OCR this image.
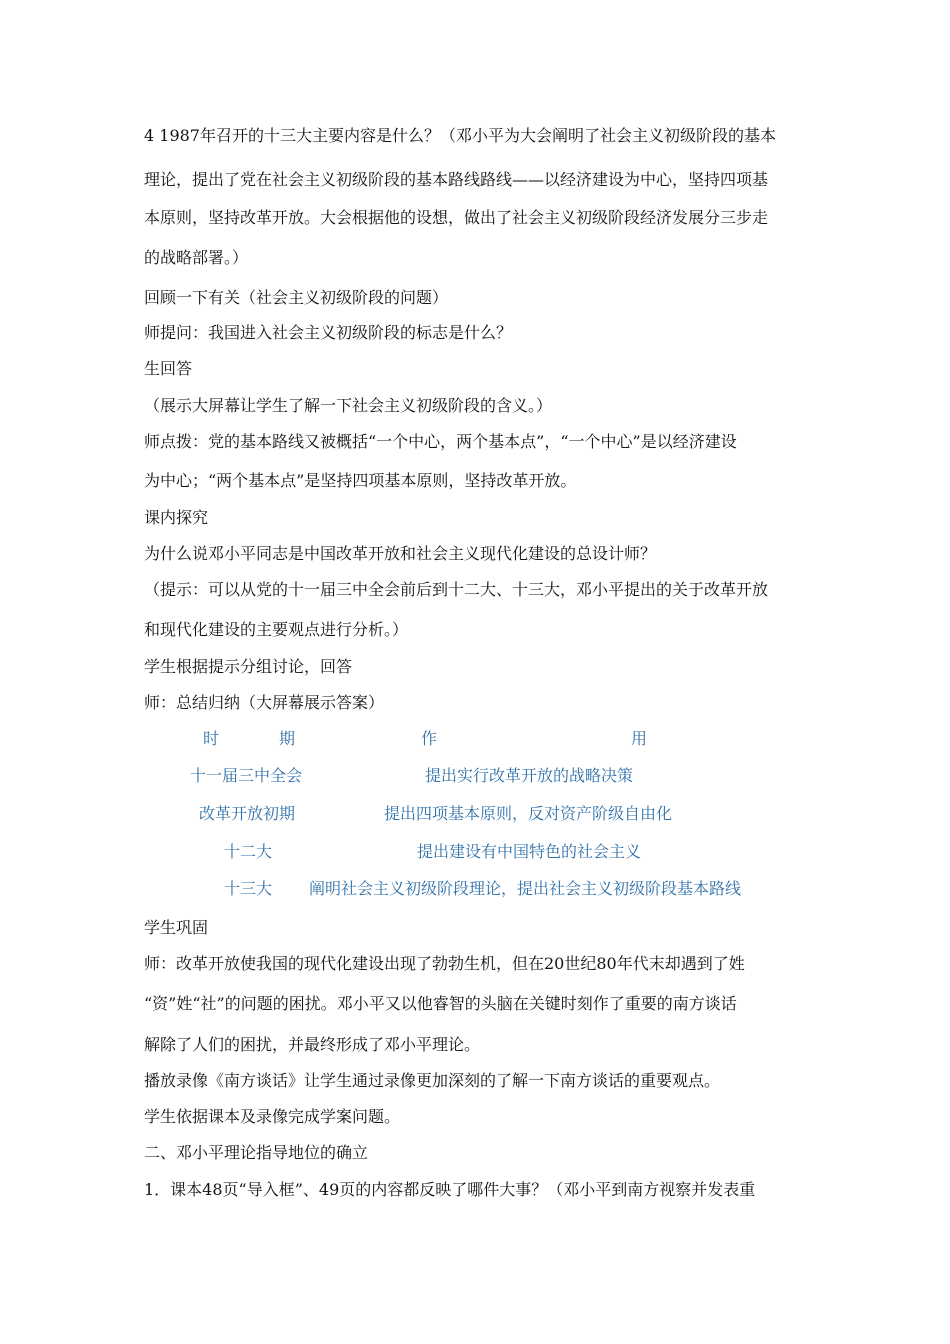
4 1987年召开的十三大主要内容是什么？（邓小平为大会阐明了社会主义初级阶段的基本
理论，提出了党在社会主义初级阶段的基本路线路线——以经济建设为中心，坚持四项基
本原则，坚持改革开放。大会根据他的设想，做出了社会主义初级阶段经济发展分三步走
的战略部署。）
回顾一下有关（社会主义初级阶段的问题）
师提问：我国进入社会主义初级阶段的标志是什么？
生回答
（展示大屏幕让学生了解一下社会主义初级阶段的含义。）
师点拨：党的基本路线又被概括“一个中心，两个基本点”，“一个中心”是以经济建设
为中心；“两个基本点”是坚持四项基本原则，坚持改革开放。
课内探究
为什么说邓小平同志是中国改革开放和社会主义现代化建设的总设计师？
（提示：可以从党的十一届三中全会前后到十二大、十三大，邓小平提出的关于改革开放
和现代化建设的主要观点进行分析。）
学生根据提示分组讨论，回答
师：总结归纳（大屏幕展示答案）
时	期	作	用
十一届三中全会	提出实行改革开放的战略决策
改革开放初期	提出四项基本原则，反对资产阶级自由化
十二大	提出建设有中国特色的社会主义
十三大 阐明社会主义初级阶段理论，提出社会主义初级阶段基本路线
学生巩固
师：改革开放使我国的现代化建设出现了勃勃生机，但在20世纪80年代末却遇到了姓
“资”姓“社”的问题的困扰。邓小平又以他睿智的头脑在关键时刻作了重要的南方谈话
解除了人们的困扰，并最终形成了邓小平理论。
播放录像《南方谈话》让学生通过录像更加深刻的了解一下南方谈话的重要观点。
学生依据课本及录像完成学案问题。
二、邓小平理论指导地位的确立
1．课本48页“导入框”、49页的内容都反映了哪件大事？（邓小平到南方视察并发表重
